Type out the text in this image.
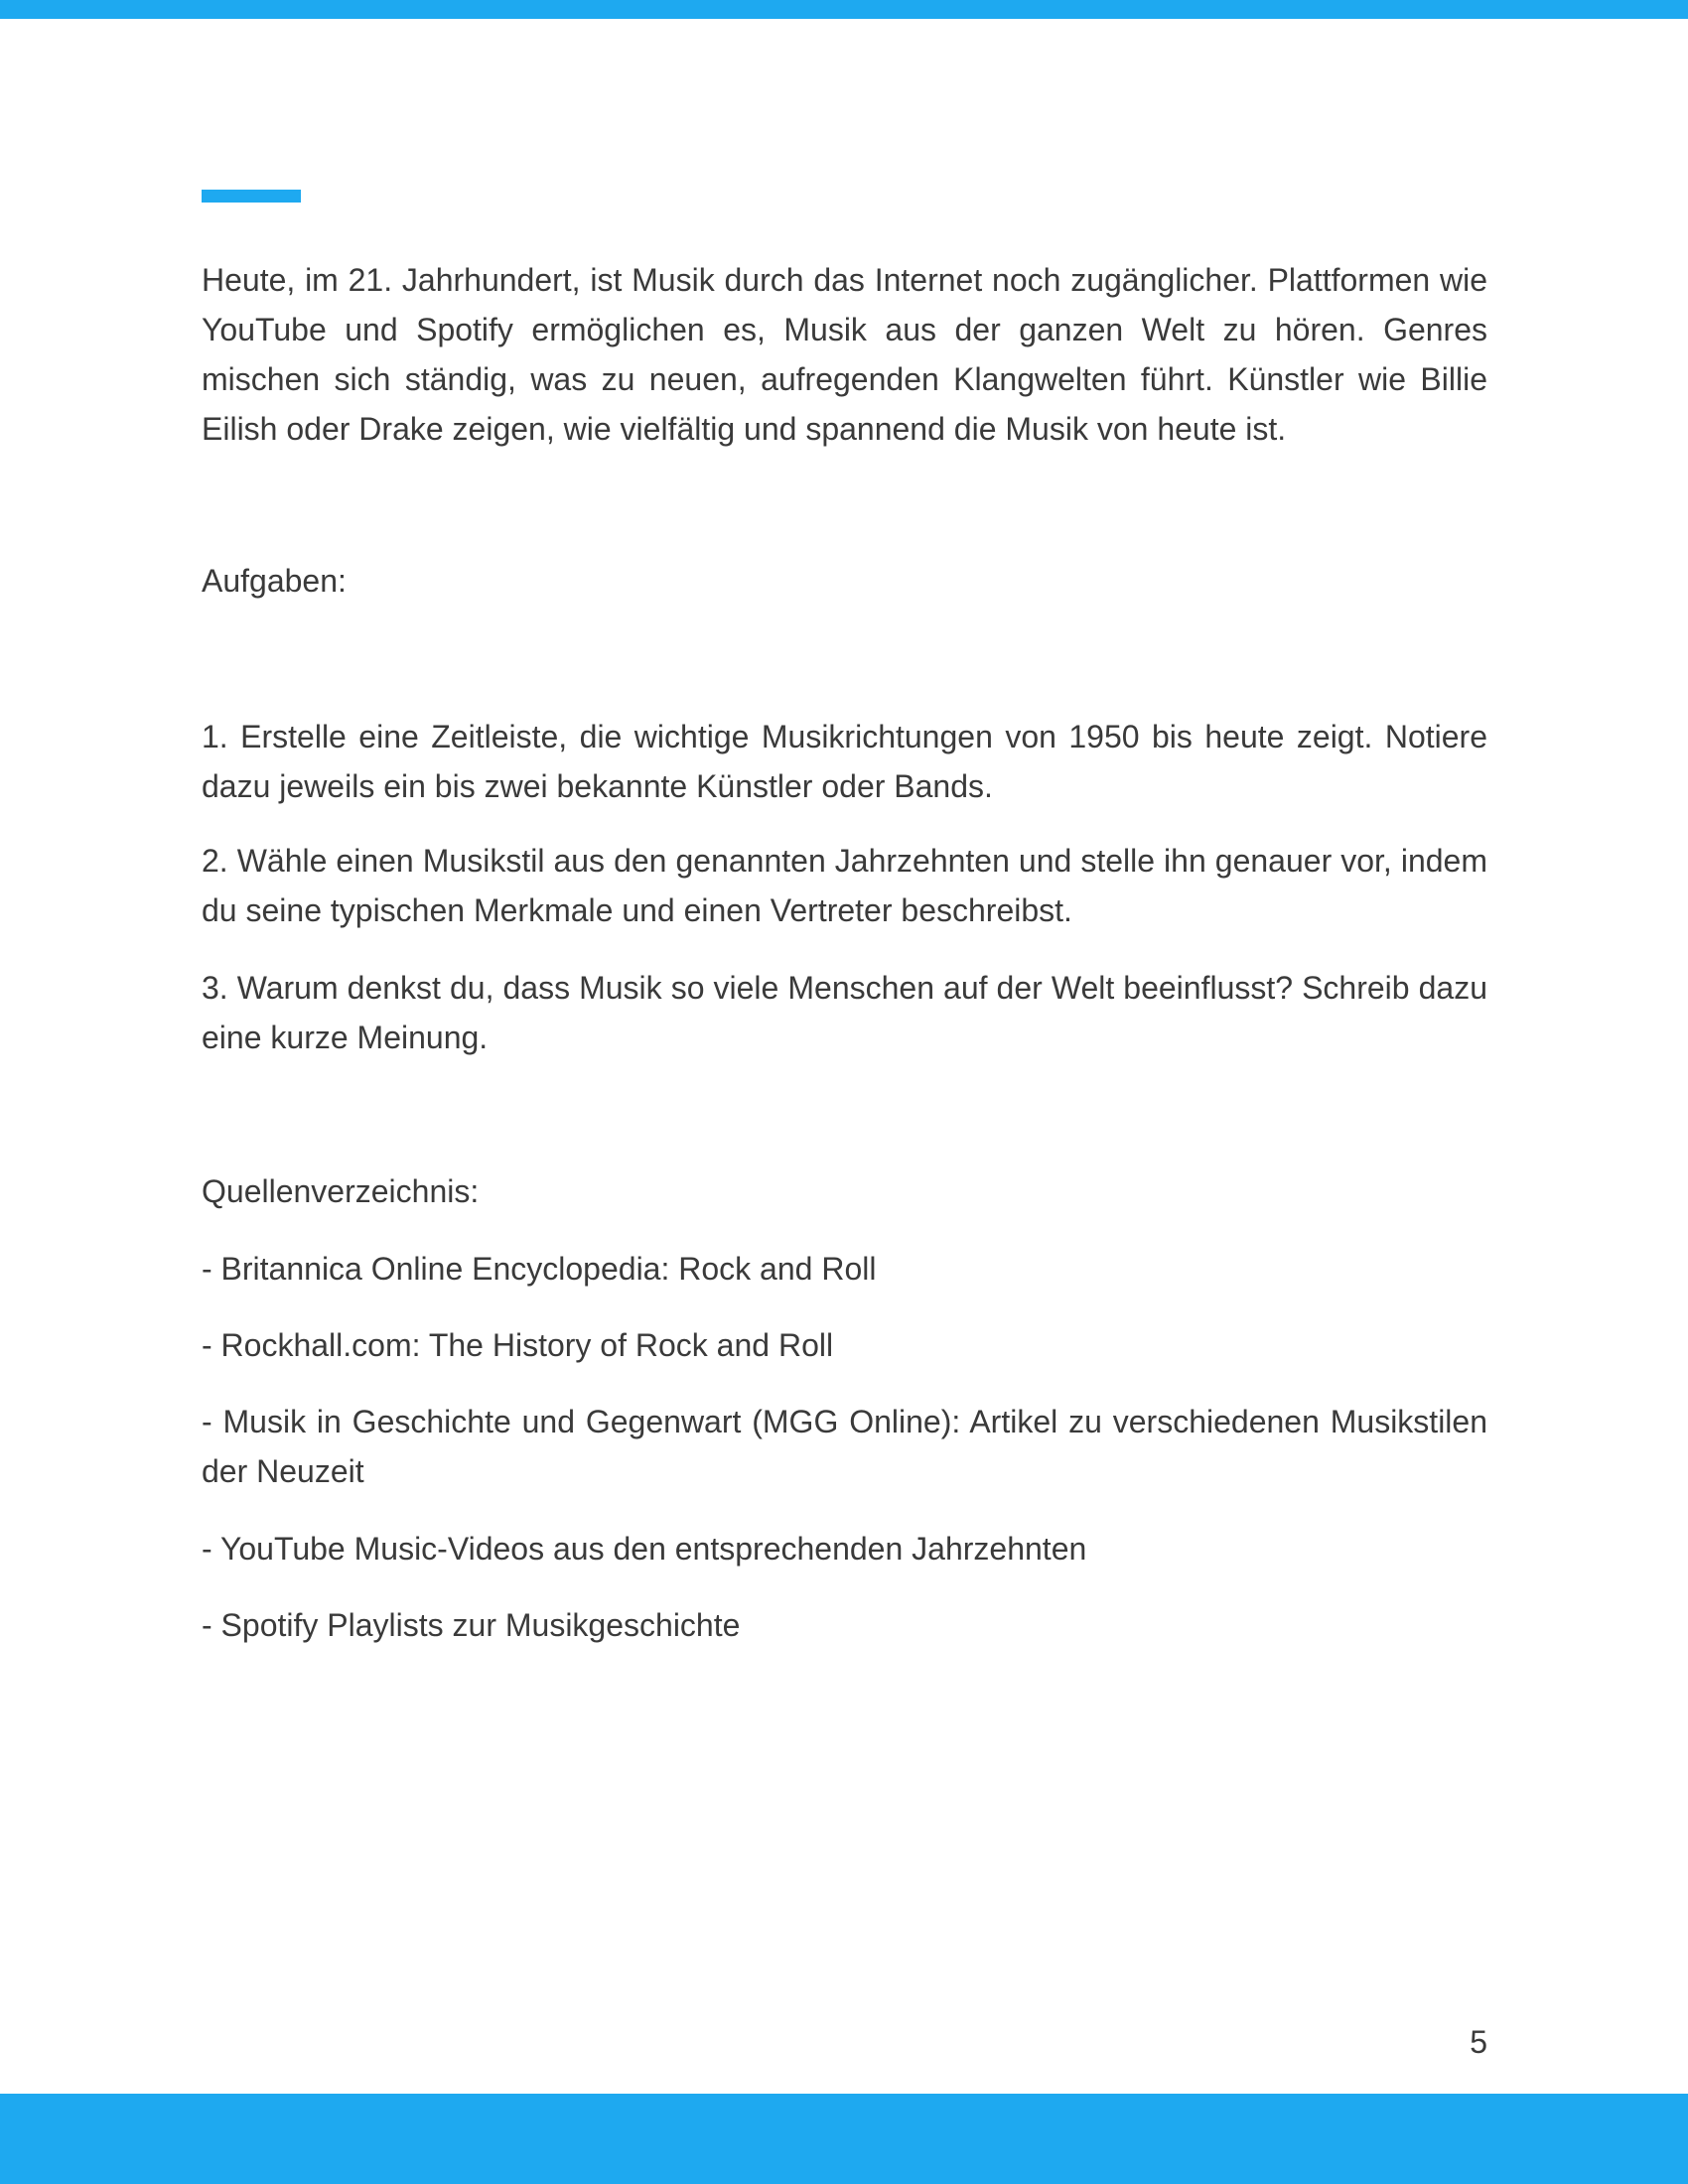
Heute, im 21. Jahrhundert, ist Musik durch das Internet noch zugänglicher. Plattformen wie YouTube und Spotify ermöglichen es, Musik aus der ganzen Welt zu hören. Genres mischen sich ständig, was zu neuen, aufregenden Klangwelten führt. Künstler wie Billie Eilish oder Drake zeigen, wie vielfältig und spannend die Musik von heute ist.

Aufgaben:

1. Erstelle eine Zeitleiste, die wichtige Musikrichtungen von 1950 bis heute zeigt. Notiere dazu jeweils ein bis zwei bekannte Künstler oder Bands.

2. Wähle einen Musikstil aus den genannten Jahrzehnten und stelle ihn genauer vor, indem du seine typischen Merkmale und einen Vertreter beschreibst.

3. Warum denkst du, dass Musik so viele Menschen auf der Welt beeinflusst? Schreib dazu eine kurze Meinung.

Quellenverzeichnis:

- Britannica Online Encyclopedia: Rock and Roll

- Rockhall.com: The History of Rock and Roll

- Musik in Geschichte und Gegenwart (MGG Online): Artikel zu verschiedenen Musikstilen der Neuzeit

- YouTube Music-Videos aus den entsprechenden Jahrzehnten

- Spotify Playlists zur Musikgeschichte

5
